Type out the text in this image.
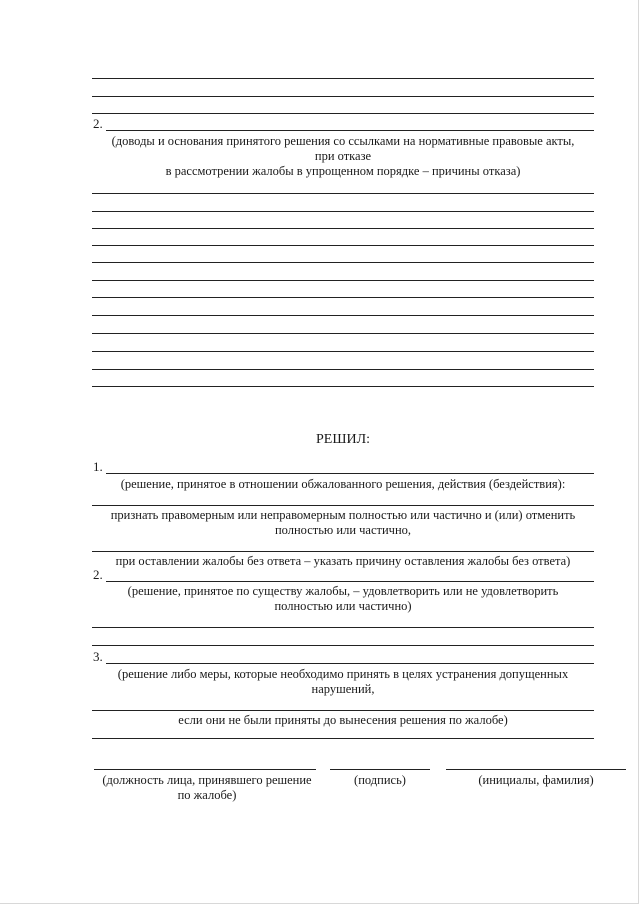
2.
(доводы и основания принятого решения со ссылками на нормативные правовые акты,
при отказе
в рассмотрении жалобы в упрощенном порядке – причины отказа)
РЕШИЛ:
1.
(решение, принятое в отношении обжалованного решения, действия (бездействия):
признать правомерным или неправомерным полностью или частично и (или) отменить
полностью или частично,
при оставлении жалобы без ответа – указать причину оставления жалобы без ответа)
2.
(решение, принятое по существу жалобы, – удовлетворить или не удовлетворить
полностью или частично)
3.
(решение либо меры, которые необходимо принять в целях устранения допущенных
нарушений,
если они не были приняты до вынесения решения по жалобе)
(должность лица, принявшего решение
по жалобе)
(подпись)	(инициалы, фамилия)
